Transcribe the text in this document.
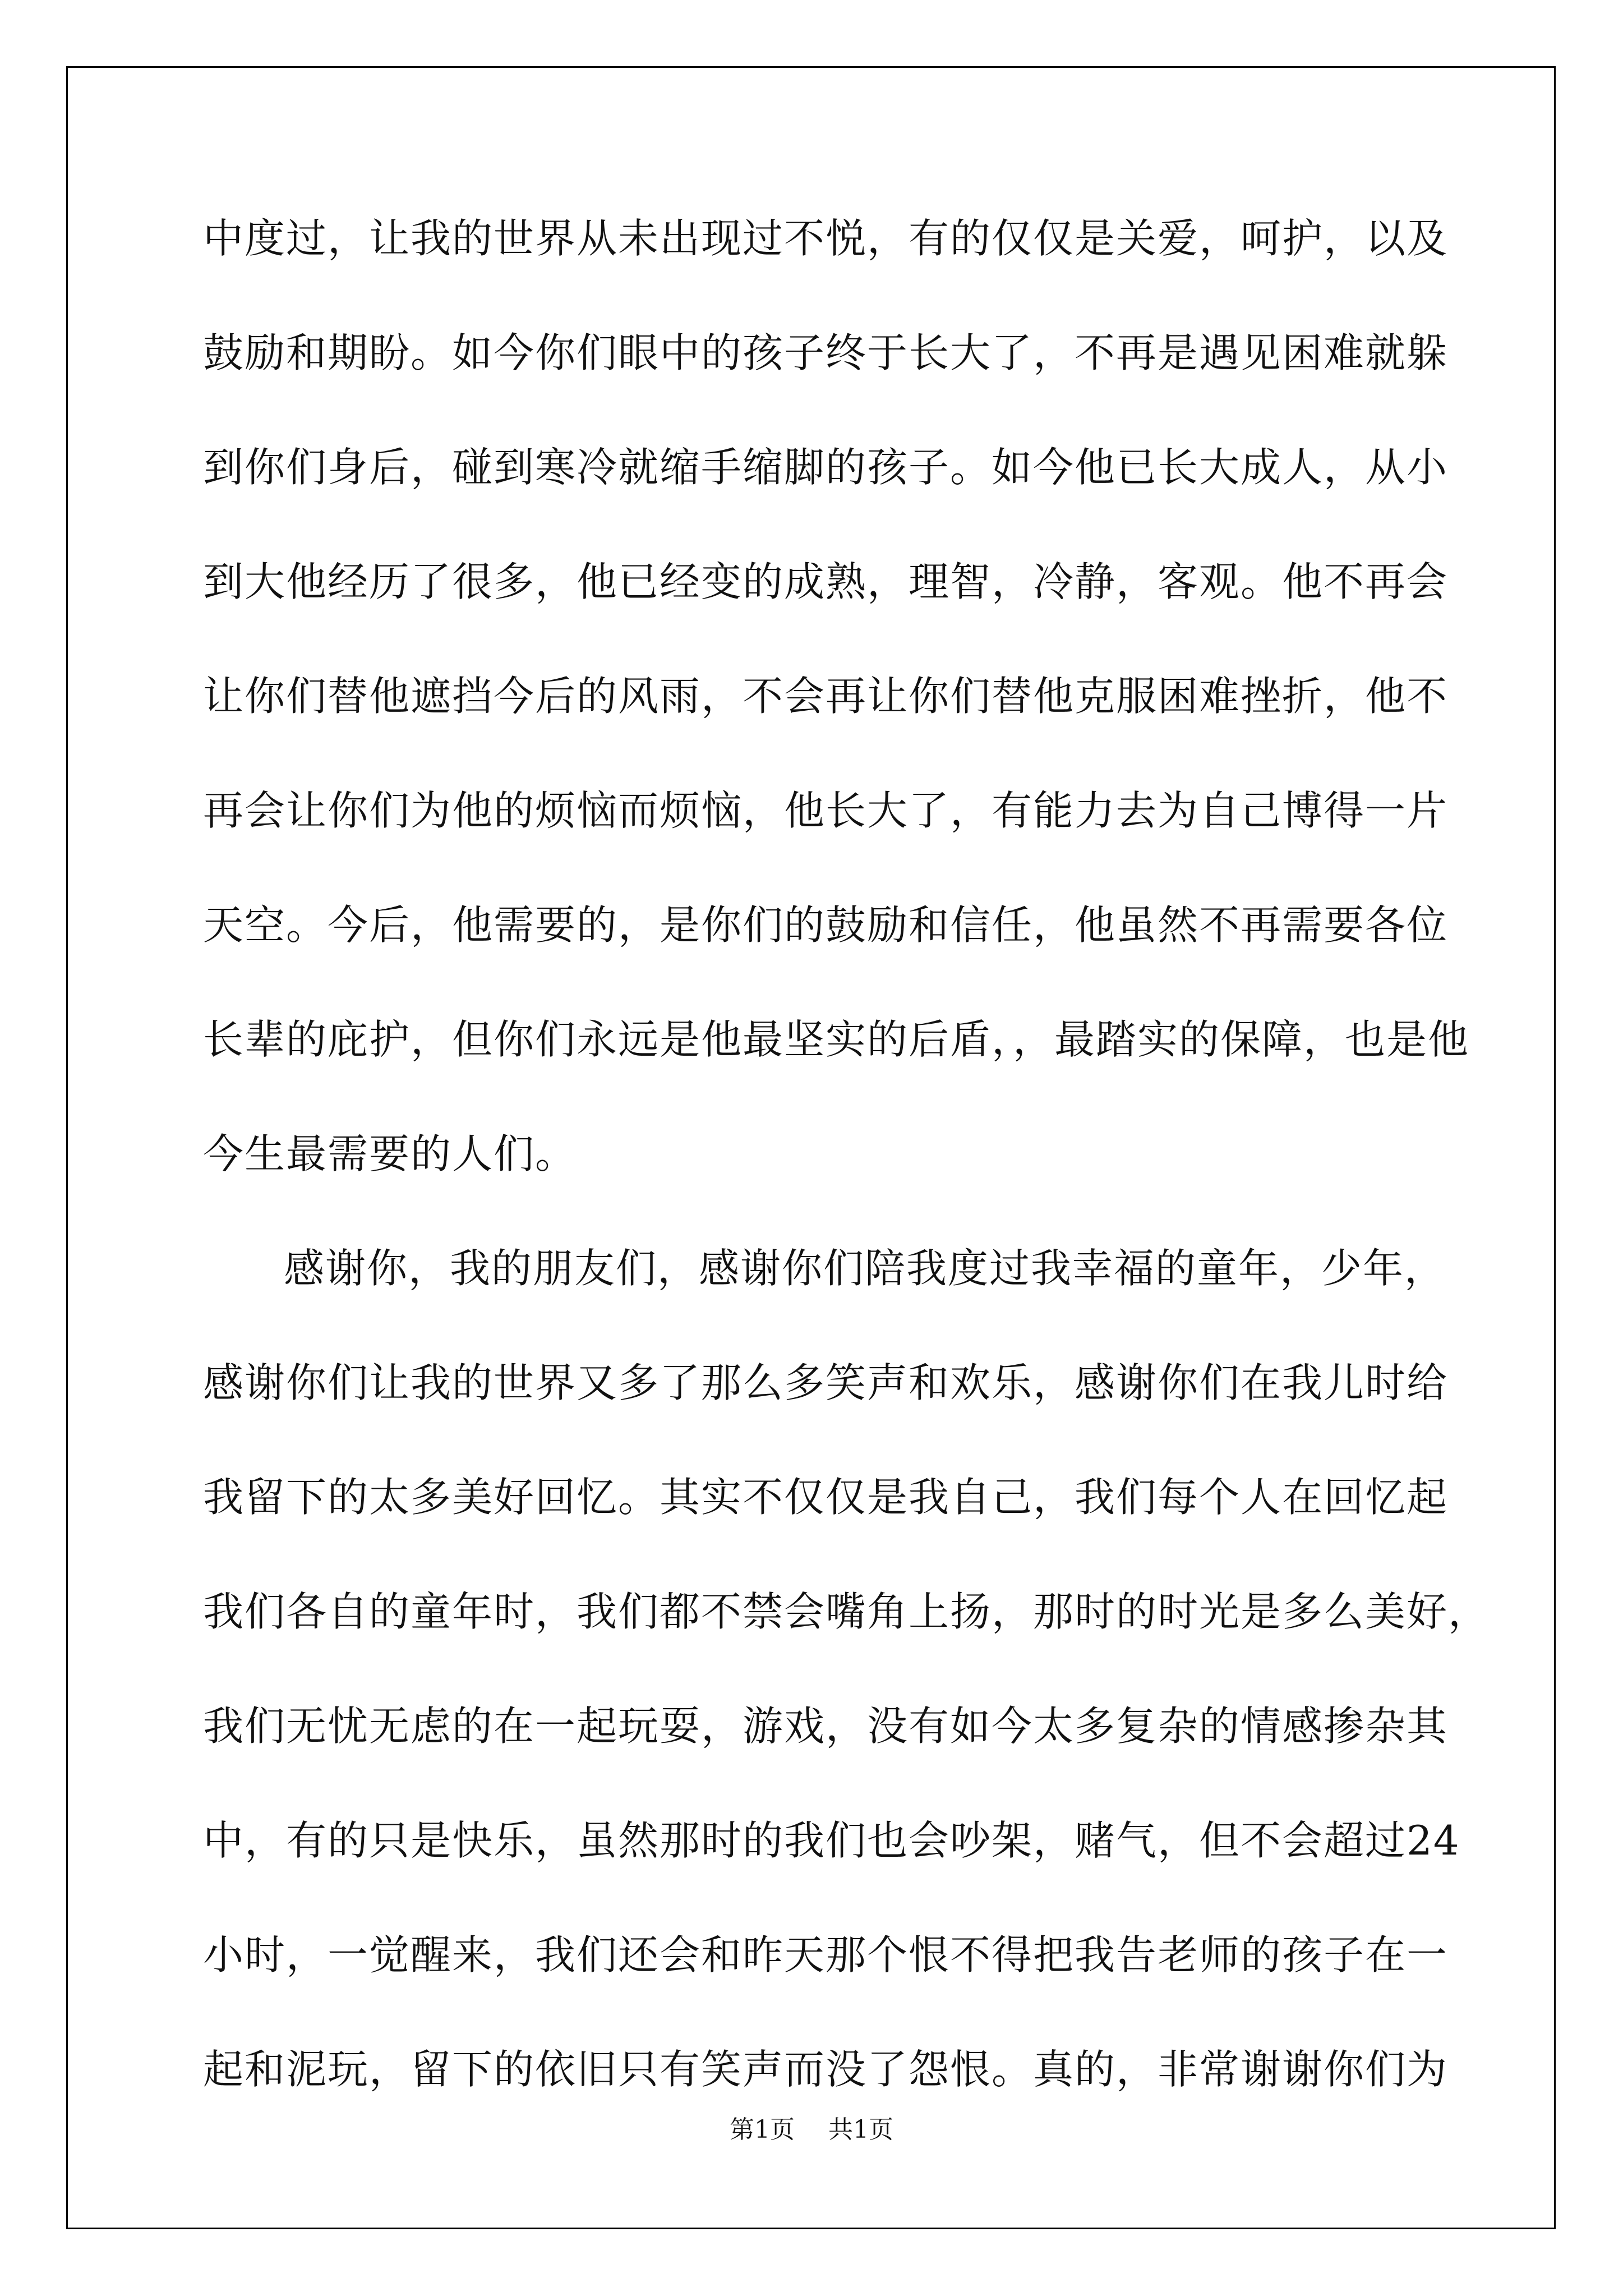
中度过，让我的世界从未出现过不悦，有的仅仅是关爱，呵护，以及
鼓励和期盼。如今你们眼中的孩子终于长大了，不再是遇见困难就躲
到你们身后，碰到寒冷就缩手缩脚的孩子。如今他已长大成人，从小
到大他经历了很多，他已经变的成熟，理智，冷静，客观。他不再会
让你们替他遮挡今后的风雨，不会再让你们替他克服困难挫折，他不
再会让你们为他的烦恼而烦恼，他长大了，有能力去为自己博得一片
天空。今后，他需要的，是你们的鼓励和信任，他虽然不再需要各位
长辈的庇护，但你们永远是他最坚实的后盾，，最踏实的保障，也是他
今生最需要的人们。
感谢你，我的朋友们，感谢你们陪我度过我幸福的童年，少年，
感谢你们让我的世界又多了那么多笑声和欢乐，感谢你们在我儿时给
我留下的太多美好回忆。其实不仅仅是我自己，我们每个人在回忆起
我们各自的童年时，我们都不禁会嘴角上扬，那时的时光是多么美好，
我们无忧无虑的在一起玩耍，游戏，没有如今太多复杂的情感掺杂其
中，有的只是快乐，虽然那时的我们也会吵架，赌气，但不会超过24
小时，一觉醒来，我们还会和昨天那个恨不得把我告老师的孩子在一
起和泥玩，留下的依旧只有笑声而没了怨恨。真的，非常谢谢你们为
第1页 共1页
